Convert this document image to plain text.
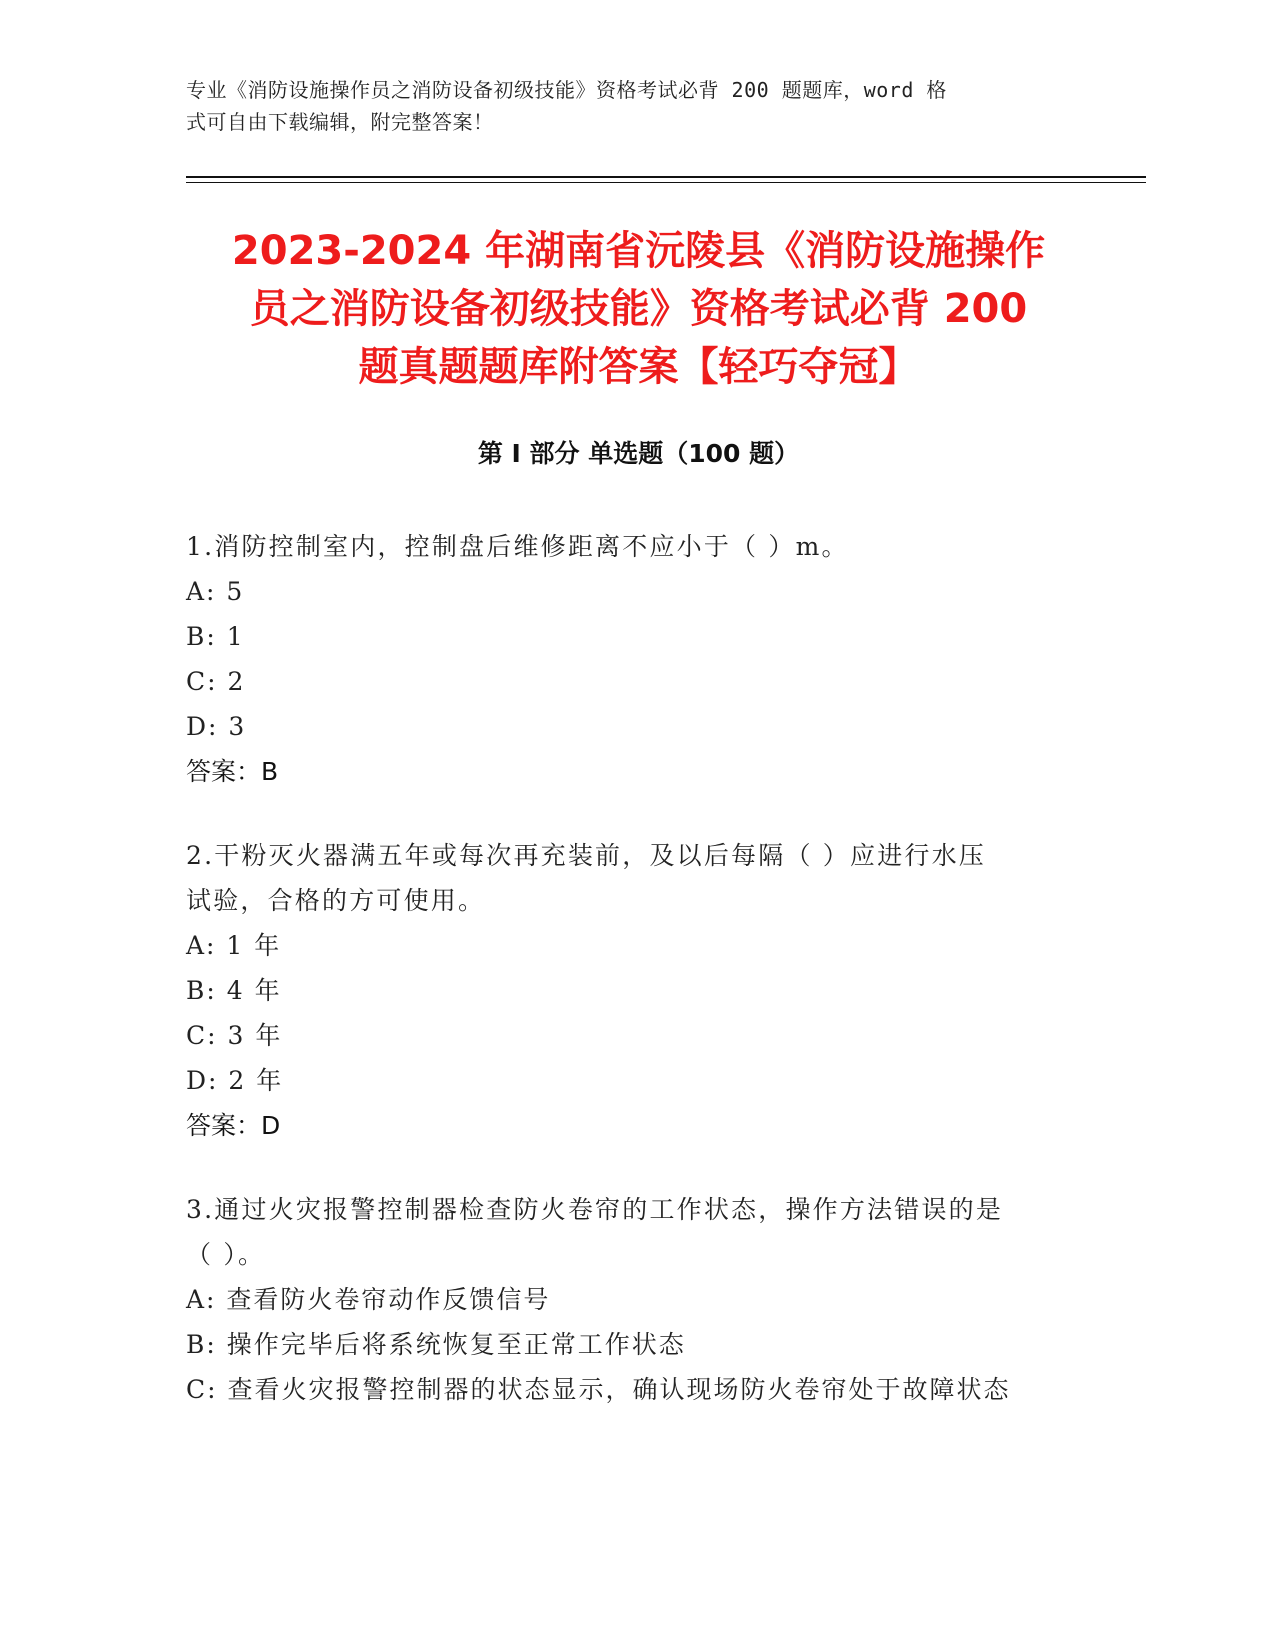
专业《消防设施操作员之消防设备初级技能》资格考试必背 200 题题库，word 格
式可自由下载编辑，附完整答案！
2023-2024 年湖南省沅陵县《消防设施操作
员之消防设备初级技能》资格考试必背 200
题真题题库附答案【轻巧夺冠】
第 I 部分 单选题（100 题）
1.消防控制室内，控制盘后维修距离不应小于（ ）m。
A: 5
B: 1
C: 2
D: 3
答案：B
2.干粉灭火器满五年或每次再充装前，及以后每隔（ ）应进行水压
试验，合格的方可使用。
A: 1 年
B: 4 年
C: 3 年
D: 2 年
答案：D
3.通过火灾报警控制器检查防火卷帘的工作状态，操作方法错误的是
（ ）。
A: 查看防火卷帘动作反馈信号
B: 操作完毕后将系统恢复至正常工作状态
C: 查看火灾报警控制器的状态显示，确认现场防火卷帘处于故障状态
